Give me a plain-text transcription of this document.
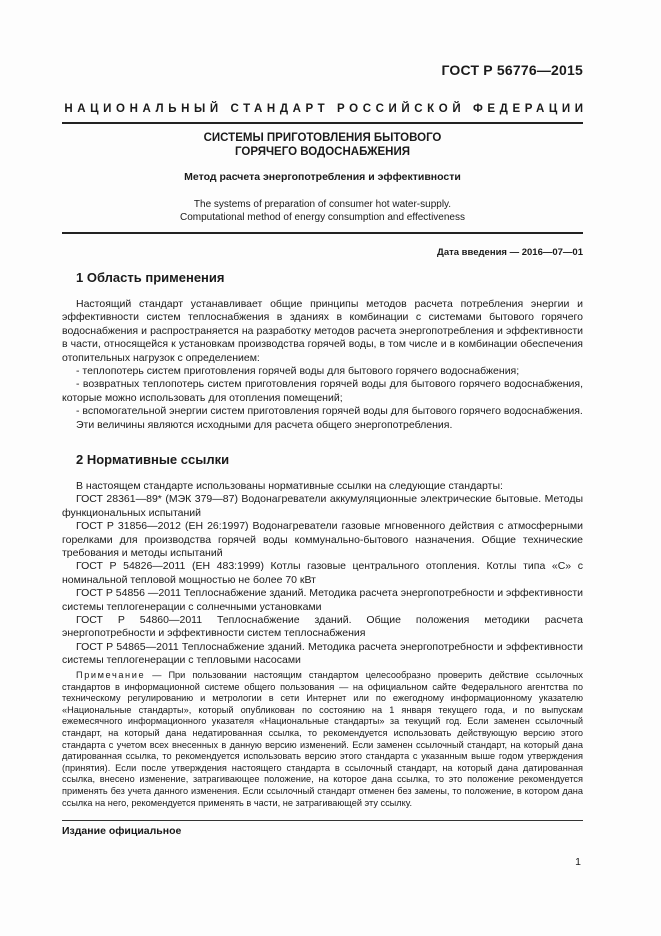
ГОСТ Р 56776—2015
НАЦИОНАЛЬНЫЙ СТАНДАРТ РОССИЙСКОЙ ФЕДЕРАЦИИ
СИСТЕМЫ ПРИГОТОВЛЕНИЯ БЫТОВОГО
ГОРЯЧЕГО ВОДОСНАБЖЕНИЯ
Метод расчета энергопотребления и эффективности
The systems of preparation of consumer hot water-supply.
Computational method of energy consumption and effectiveness
Дата введения — 2016—07—01
1 Область применения

Настоящий стандарт устанавливает общие принципы методов расчета потребления энергии и эффективности систем теплоснабжения в зданиях в комбинации с системами бытового горячего водоснабжения и распространяется на разработку методов расчета энергопотребления и эффективности в части, относящейся к установкам производства горячей воды, в том числе и в комбинации обеспечения отопительных нагрузок с определением:

- теплопотерь систем приготовления горячей воды для бытового горячего водоснабжения;

- возвратных теплопотерь систем приготовления горячей воды для бытового горячего водоснабжения, которые можно использовать для отопления помещений;

- вспомогательной энергии систем приготовления горячей воды для бытового горячего водоснабжения.

Эти величины являются исходными для расчета общего энергопотребления.

2 Нормативные ссылки

В настоящем стандарте использованы нормативные ссылки на следующие стандарты:

ГОСТ 28361—89* (МЭК 379—87) Водонагреватели аккумуляционные электрические бытовые. Методы функциональных испытаний

ГОСТ Р 31856—2012 (ЕН 26:1997) Водонагреватели газовые мгновенного действия с атмосферными горелками для производства горячей воды коммунально-бытового назначения. Общие технические требования и методы испытаний

ГОСТ Р 54826—2011 (ЕН 483:1999) Котлы газовые центрального отопления. Котлы типа «С» с номинальной тепловой мощностью не более 70 кВт

ГОСТ Р 54856 —2011 Теплоснабжение зданий. Методика расчета энергопотребности и эффективности системы теплогенерации с солнечными установками

ГОСТ Р 54860—2011 Теплоснабжение зданий. Общие положения методики расчета энергопотребности и эффективности систем теплоснабжения

ГОСТ Р 54865—2011 Теплоснабжение зданий. Методика расчета энергопотребности и эффективности системы теплогенерации с тепловыми насосами

Примечание — При пользовании настоящим стандартом целесообразно проверить действие ссылочных стандартов в информационной системе общего пользования — на официальном сайте Федерального агентства по техническому регулированию и метрологии в сети Интернет или по ежегодному информационному указателю «Национальные стандарты», который опубликован по состоянию на 1 января текущего года, и по выпускам ежемесячного информационного указателя «Национальные стандарты» за текущий год. Если заменен ссылочный стандарт, на который дана недатированная ссылка, то рекомендуется использовать действующую версию этого стандарта с учетом всех внесенных в данную версию изменений. Если заменен ссылочный стандарт, на который дана датированная ссылка, то рекомендуется использовать версию этого стандарта с указанным выше годом утверждения (принятия). Если после утверждения настоящего стандарта в ссылочный стандарт, на который дана датированная ссылка, внесено изменение, затрагивающее положение, на которое дана ссылка, то это положение рекомендуется применять без учета данного изменения. Если ссылочный стандарт отменен без замены, то положение, в котором дана ссылка на него, рекомендуется применять в части, не затрагивающей эту ссылку.
Издание официальное
1
